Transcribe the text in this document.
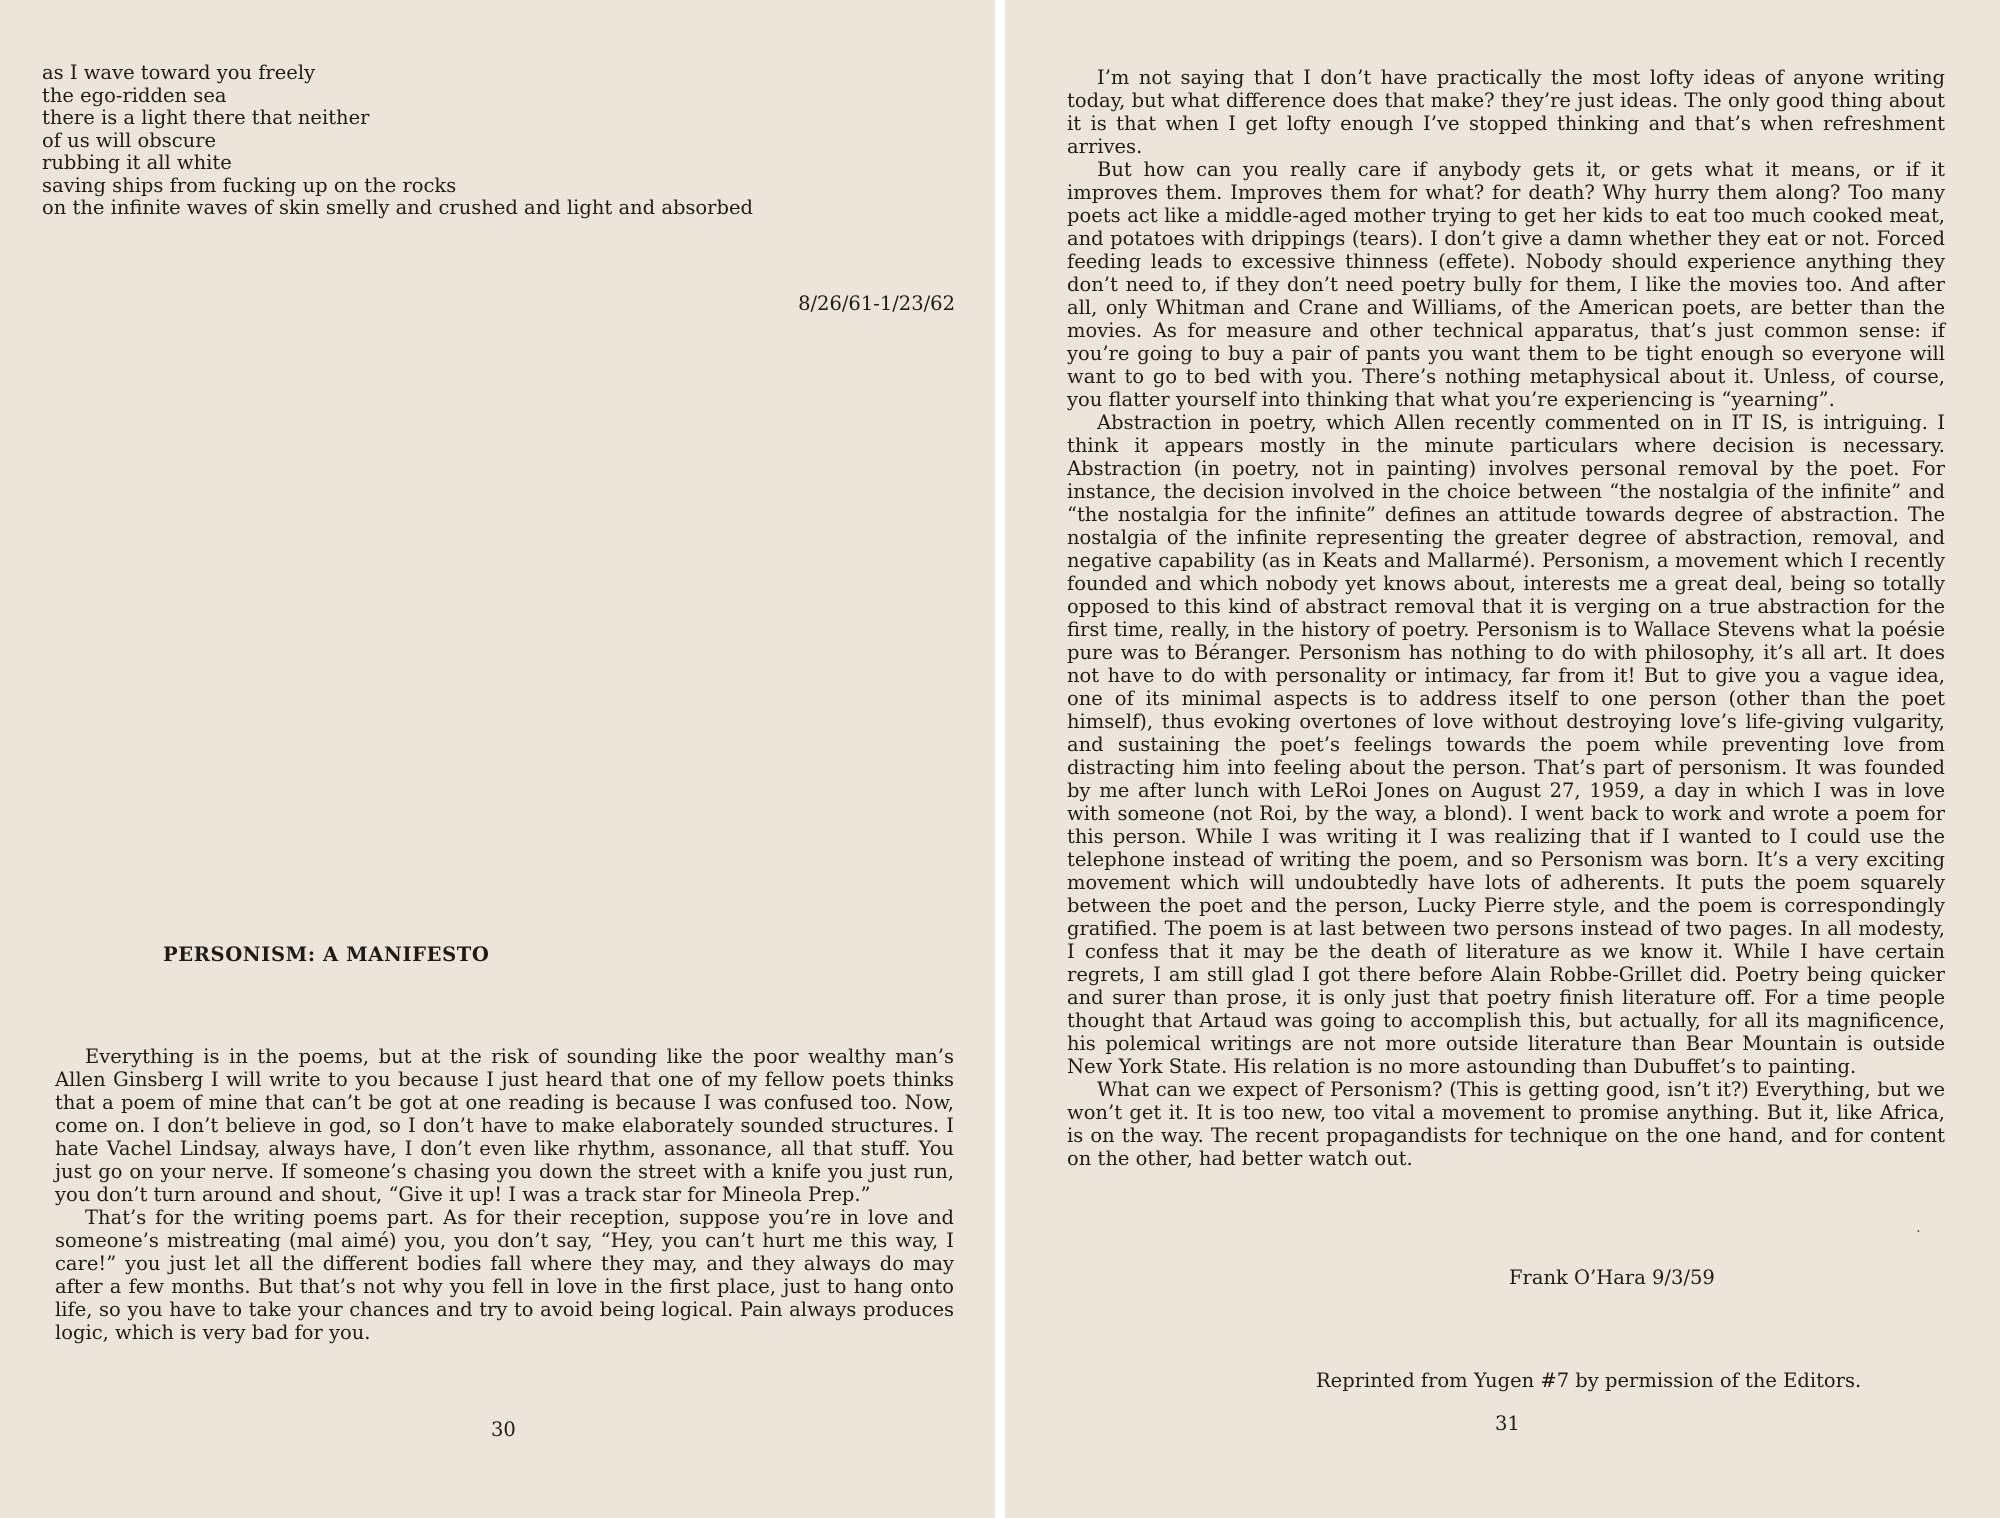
as I wave toward you freely
the ego-ridden sea
there is a light there that neither
of us will obscure
rubbing it all white
saving ships from fucking up on the rocks
on the infinite waves of skin smelly and crushed and light and absorbed
8/26/61-1/23/62
PERSONISM: A MANIFESTO

Everything is in the poems, but at the risk of sounding like the poor wealthy man’s Allen Ginsberg I will write to you because I just heard that one of my fellow poets thinks that a poem of mine that can’t be got at one reading is because I was confused too. Now, come on. I don’t believe in god, so I don’t have to make elaborately sounded structures. I hate Vachel Lindsay, always have, I don’t even like rhythm, assonance, all that stuff. You just go on your nerve. If someone’s chasing you down the street with a knife you just run, you don’t turn around and shout, “Give it up! I was a track star for Mineola Prep.”

That’s for the writing poems part. As for their reception, suppose you’re in love and someone’s mistreating (mal aimé) you, you don’t say, “Hey, you can’t hurt me this way, I care!” you just let all the different bodies fall where they may, and they always do may after a few months. But that’s not why you fell in love in the first place, just to hang onto life, so you have to take your chances and try to avoid being logical. Pain always produces logic, which is very bad for you.

30

I’m not saying that I don’t have practically the most lofty ideas of anyone writing today, but what difference does that make? they’re just ideas. The only good thing about it is that when I get lofty enough I’ve stopped thinking and that’s when refreshment arrives.

But how can you really care if anybody gets it, or gets what it means, or if it improves them. Improves them for what? for death? Why hurry them along? Too many poets act like a middle-aged mother trying to get her kids to eat too much cooked meat, and potatoes with drippings (tears). I don’t give a damn whether they eat or not. Forced feeding leads to excessive thinness (effete). Nobody should experience anything they don’t need to, if they don’t need poetry bully for them, I like the movies too. And after all, only Whitman and Crane and Williams, of the American poets, are better than the movies. As for measure and other technical apparatus, that’s just common sense: if you’re going to buy a pair of pants you want them to be tight enough so everyone will want to go to bed with you. There’s nothing metaphysical about it. Unless, of course, you flatter yourself into thinking that what you’re experiencing is “yearning”.

Abstraction in poetry, which Allen recently commented on in IT IS, is intriguing. I think it appears mostly in the minute particulars where decision is necessary. Abstraction (in poetry, not in painting) involves personal removal by the poet. For instance, the decision involved in the choice between “the nostalgia of the infinite” and “the nostalgia for the infinite” defines an attitude towards degree of abstraction. The nostalgia of the infinite representing the greater degree of abstraction, removal, and negative capability (as in Keats and Mallarmé). Personism, a movement which I recently founded and which nobody yet knows about, interests me a great deal, being so totally opposed to this kind of abstract removal that it is verging on a true abstraction for the first time, really, in the history of poetry. Personism is to Wallace Stevens what la poésie pure was to Béranger. Personism has nothing to do with philosophy, it’s all art. It does not have to do with personality or intimacy, far from it! But to give you a vague idea, one of its minimal aspects is to address itself to one person (other than the poet himself), thus evoking overtones of love without destroying love’s life-giving vulgarity, and sustaining the poet’s feelings towards the poem while preventing love from distracting him into feeling about the person. That’s part of personism. It was founded by me after lunch with LeRoi Jones on August 27, 1959, a day in which I was in love with someone (not Roi, by the way, a blond). I went back to work and wrote a poem for this person. While I was writing it I was realizing that if I wanted to I could use the telephone instead of writing the poem, and so Personism was born. It’s a very exciting movement which will undoubtedly have lots of adherents. It puts the poem squarely between the poet and the person, Lucky Pierre style, and the poem is correspondingly gratified. The poem is at last between two persons instead of two pages. In all modesty, I confess that it may be the death of literature as we know it. While I have certain regrets, I am still glad I got there before Alain Robbe-Grillet did. Poetry being quicker and surer than prose, it is only just that poetry finish literature off. For a time people thought that Artaud was going to accomplish this, but actually, for all its magnificence, his polemical writings are not more outside literature than Bear Mountain is outside New York State. His relation is no more astounding than Dubuffet’s to painting.

What can we expect of Personism? (This is getting good, isn’t it?) Everything, but we won’t get it. It is too new, too vital a movement to promise anything. But it, like Africa, is on the way. The recent propagandists for technique on the one hand, and for content on the other, had better watch out.

·
Frank O’Hara 9/3/59
Reprinted from Yugen #7 by permission of the Editors.
31
